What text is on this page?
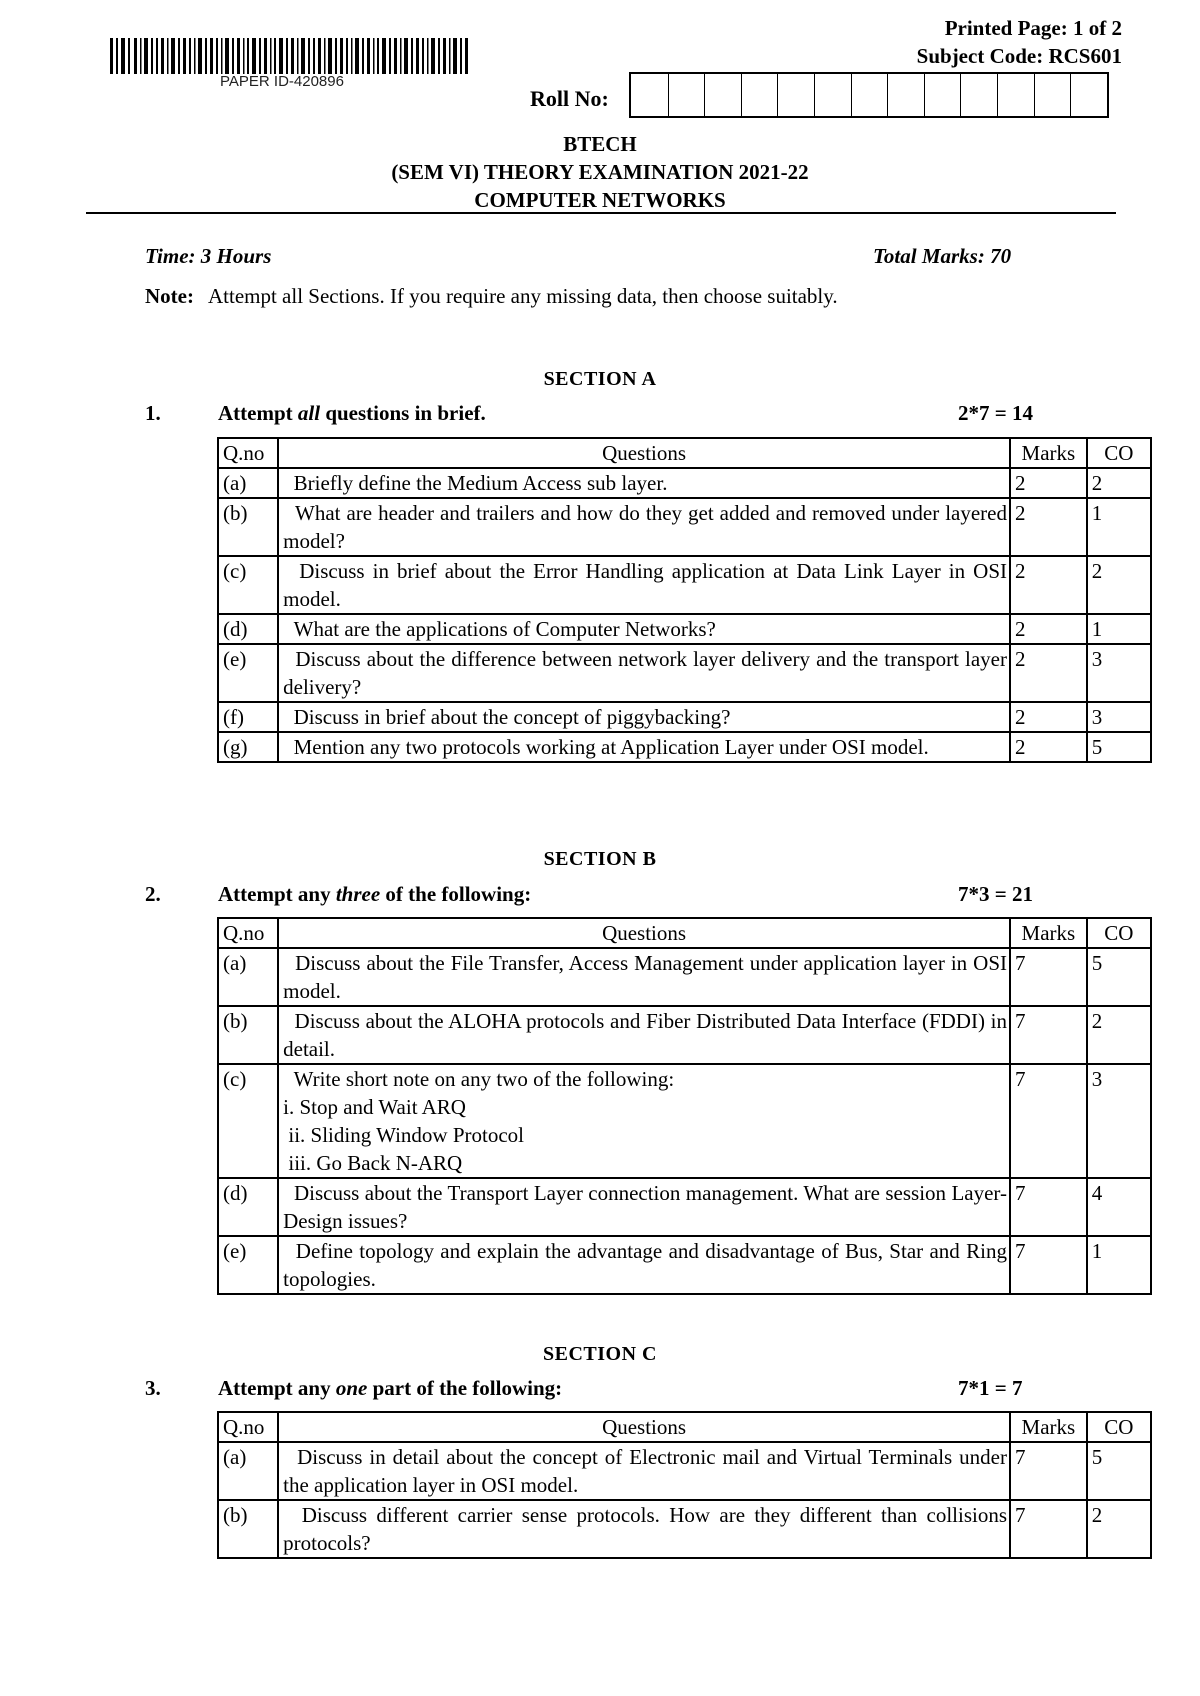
PAPER ID-420896
Printed Page: 1 of 2
Subject Code: RCS601
Roll No:
BTECH
(SEM VI) THEORY EXAMINATION 2021-22
COMPUTER NETWORKS
Time: 3 Hours	Total Marks: 70
Note: Attempt all Sections. If you require any missing data, then choose suitably.
SECTION A
1.	Attempt all questions in brief.	2*7 = 14
Q.no	Questions	Marks	CO
(a)	Briefly define the Medium Access sub layer.	2	2
(b)	What are header and trailers and how do they get added and removed under layered model?	2	1
(c)	Discuss in brief about the Error Handling application at Data Link Layer in OSI model.	2	2
(d)	What are the applications of Computer Networks?	2	1
(e)	Discuss about the difference between network layer delivery and the transport layer delivery?	2	3
(f)	Discuss in brief about the concept of piggybacking?	2	3
(g)	Mention any two protocols working at Application Layer under OSI model.	2	5
SECTION B
2.	Attempt any three of the following:	7*3 = 21
Q.no	Questions	Marks	CO
(a)	Discuss about the File Transfer, Access Management under application layer in OSI model.	7	5
(b)	Discuss about the ALOHA protocols and Fiber Distributed Data Interface (FDDI) in detail.	7	2
(c)	Write short note on any two of the following:
i. Stop and Wait ARQ
ii. Sliding Window Protocol
iii. Go Back N-ARQ	7	3
(d)	Discuss about the Transport Layer connection management. What are session Layer-Design issues?	7	4
(e)	Define topology and explain the advantage and disadvantage of Bus, Star and Ring topologies.	7	1
SECTION C
3.	Attempt any one part of the following:	7*1 = 7
Q.no	Questions	Marks	CO
(a)	Discuss in detail about the concept of Electronic mail and Virtual Terminals under the application layer in OSI model.	7	5
(b)	Discuss different carrier sense protocols. How are they different than collisions protocols?	7	2
